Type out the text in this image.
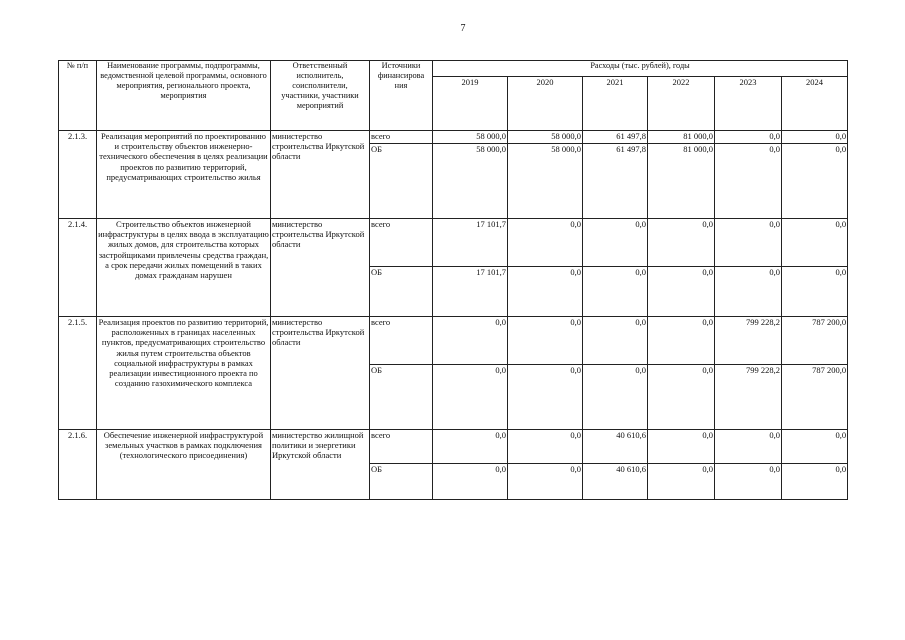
7
№ п/п	Наименование программы, подпрограммы, ведомственной целевой программы, основного мероприятия, регионального проекта, мероприятия	Ответственный исполнитель, соисполнители, участники, участники мероприятий	Источники финансирова ния	Расходы (тыс. рублей), годы					
				2019	2020	2021	2022	2023	2024
2.1.3.	Реализация мероприятий по проектированию и строительству объектов инженерно-технического обеспечения в целях реализации проектов по развитию территорий, предусматривающих строительство жилья	министерство строительства Иркутской области	всего	58 000,0	58 000,0	61 497,8	81 000,0	0,0	0,0
			ОБ	58 000,0	58 000,0	61 497,8	81 000,0	0,0	0,0
2.1.4.	Строительство объектов инженерной инфраструктуры в целях ввода в эксплуатацию жилых домов, для строительства которых застройщиками привлечены средства граждан, а срок передачи жилых помещений в таких домах гражданам нарушен	министерство строительства Иркутской области	всего	17 101,7	0,0	0,0	0,0	0,0	0,0
			ОБ	17 101,7	0,0	0,0	0,0	0,0	0,0
2.1.5.	Реализация проектов по развитию территорий, расположенных в границах населенных пунктов, предусматривающих строительство жилья путем строительства объектов социальной инфраструктуры в рамках реализации инвестиционного проекта по созданию газохимического комплекса	министерство строительства Иркутской области	всего	0,0	0,0	0,0	0,0	799 228,2	787 200,0
			ОБ	0,0	0,0	0,0	0,0	799 228,2	787 200,0
2.1.6.	Обеспечение инженерной инфраструктурой земельных участков в рамках подключения (технологического присоединения)	министерство жилищной политики и энергетики Иркутской области	всего	0,0	0,0	40 610,6	0,0	0,0	0,0
			ОБ	0,0	0,0	40 610,6	0,0	0,0	0,0
